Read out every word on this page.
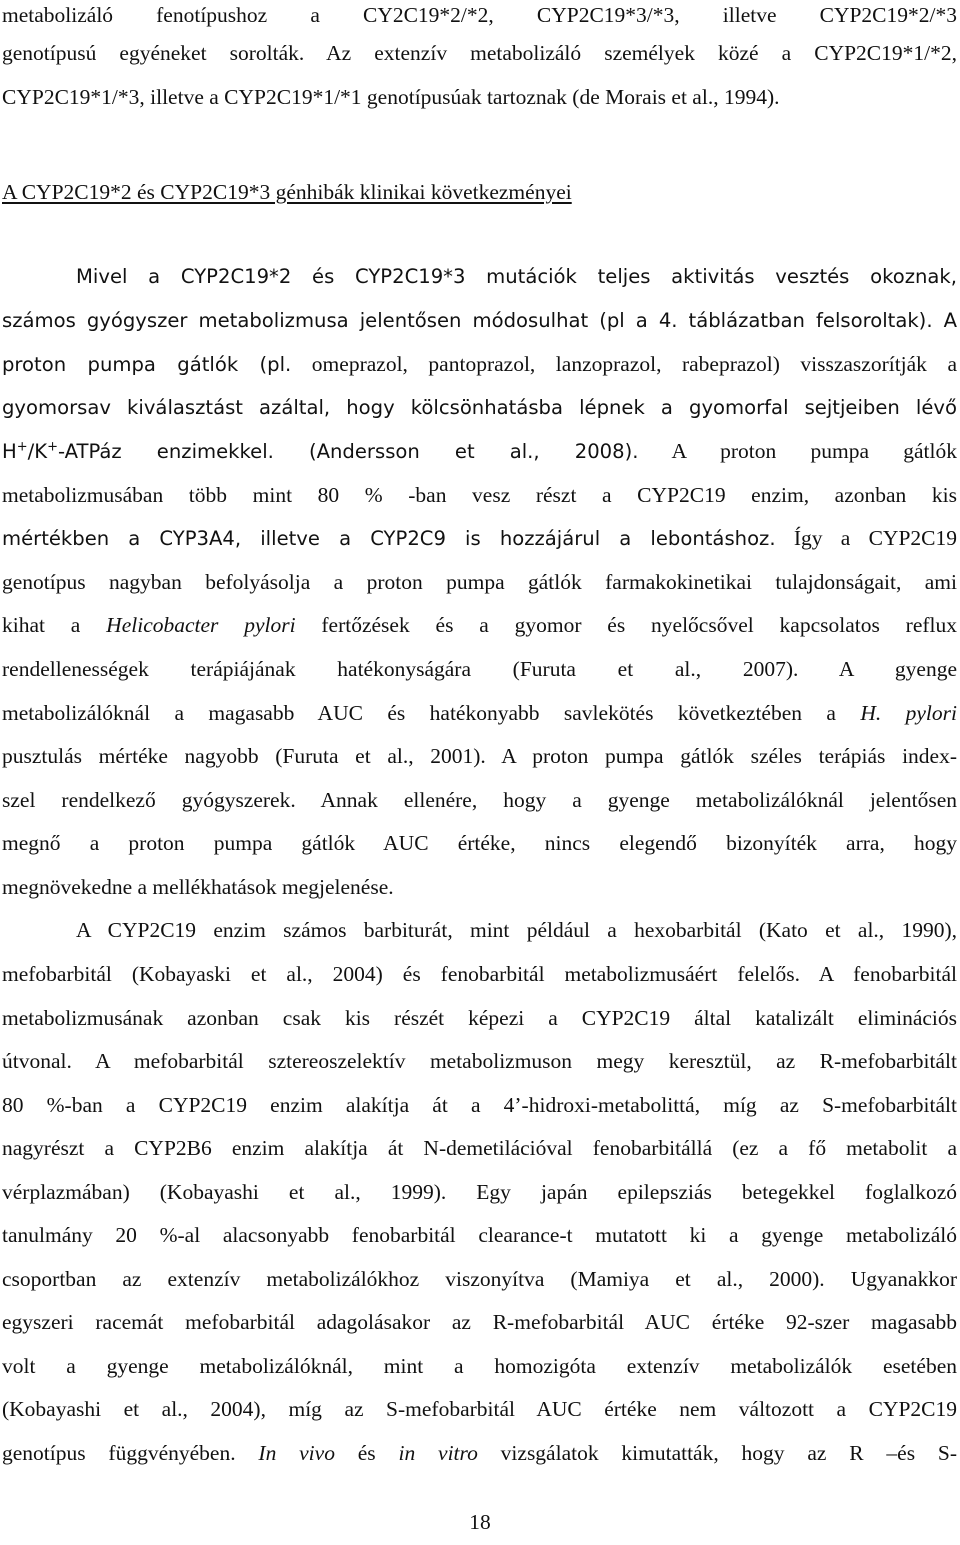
metabolizáló fenotípushoz a CY2C19*2/*2, CYP2C19*3/*3, illetve CYP2C19*2/*3
genotípusú egyéneket sorolták. Az extenzív metabolizáló személyek közé a CYP2C19*1/*2,
CYP2C19*1/*3, illetve a CYP2C19*1/*1 genotípusúak tartoznak (de Morais et al., 1994).
A CYP2C19*2 és CYP2C19*3 génhibák klinikai következményei
Mivel a CYP2C19*2 és CYP2C19*3 mutációk teljes aktivitás vesztés okoznak,
számos gyógyszer metabolizmusa jelentősen módosulhat (pl a 4. táblázatban felsoroltak). A
proton pumpa gátlók (pl. omeprazol, pantoprazol, lanzoprazol, rabeprazol) visszaszorítják a
gyomorsav kiválasztást azáltal, hogy kölcsönhatásba lépnek a gyomorfal sejtjeiben lévő
H+/K+-ATPáz enzimekkel. (Andersson et al., 2008). A proton pumpa gátlók
metabolizmusában több mint 80 % -ban vesz részt a CYP2C19 enzim, azonban kis
mértékben a CYP3A4, illetve a CYP2C9 is hozzájárul a lebontáshoz. Így a CYP2C19
genotípus nagyban befolyásolja a proton pumpa gátlók farmakokinetikai tulajdonságait, ami
kihat a Helicobacter pylori fertőzések és a gyomor és nyelőcsővel kapcsolatos reflux
rendellenességek terápiájának hatékonyságára (Furuta et al., 2007). A gyenge
metabolizálóknál a magasabb AUC és hatékonyabb savlekötés következtében a H. pylori
pusztulás mértéke nagyobb (Furuta et al., 2001). A proton pumpa gátlók széles terápiás index-
szel rendelkező gyógyszerek. Annak ellenére, hogy a gyenge metabolizálóknál jelentősen
megnő a proton pumpa gátlók AUC értéke, nincs elegendő bizonyíték arra, hogy
megnövekedne a mellékhatások megjelenése.
A CYP2C19 enzim számos barbiturát, mint például a hexobarbitál (Kato et al., 1990),
mefobarbitál (Kobayaski et al., 2004) és fenobarbitál metabolizmusáért felelős. A fenobarbitál
metabolizmusának azonban csak kis részét képezi a CYP2C19 által katalizált eliminációs
útvonal. A mefobarbitál sztereoszelektív metabolizmuson megy keresztül, az R-mefobarbitált
80 %-ban a CYP2C19 enzim alakítja át a 4’-hidroxi-metabolittá, míg az S-mefobarbitált
nagyrészt a CYP2B6 enzim alakítja át N-demetilációval fenobarbitállá (ez a fő metabolit a
vérplazmában) (Kobayashi et al., 1999). Egy japán epilepsziás betegekkel foglalkozó
tanulmány 20 %-al alacsonyabb fenobarbitál clearance-t mutatott ki a gyenge metabolizáló
csoportban az extenzív metabolizálókhoz viszonyítva (Mamiya et al., 2000). Ugyanakkor
egyszeri racemát mefobarbitál adagolásakor az R-mefobarbitál AUC értéke 92-szer magasabb
volt a gyenge metabolizálóknál, mint a homozigóta extenzív metabolizálók esetében
(Kobayashi et al., 2004), míg az S-mefobarbitál AUC értéke nem változott a CYP2C19
genotípus függvényében. In vivo és in vitro vizsgálatok kimutatták, hogy az R –és S-
18
